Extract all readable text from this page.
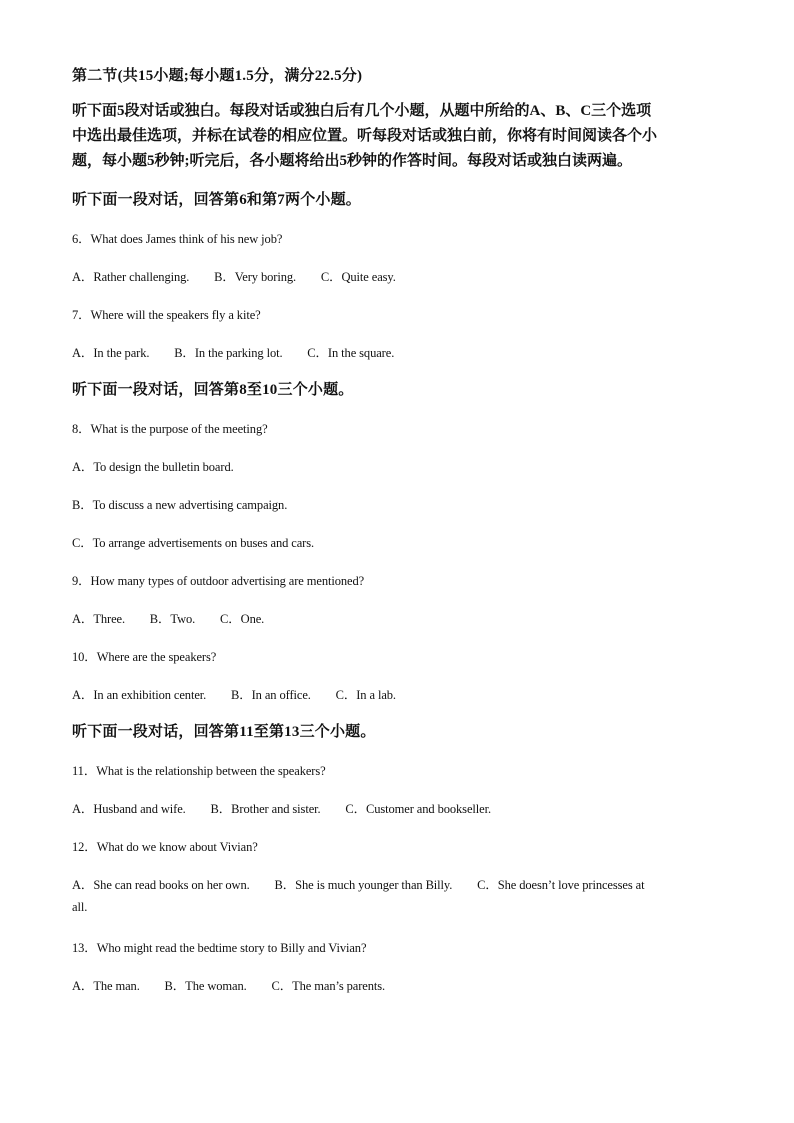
第二节(共15小题;每小题1.5分，满分22.5分)

听下面5段对话或独白。每段对话或独白后有几个小题，从题中所给的A、B、C三个选项
中选出最佳选项，并标在试卷的相应位置。听每段对话或独白前，你将有时间阅读各个小
题，每小题5秒钟;听完后，各小题将给出5秒钟的作答时间。每段对话或独白读两遍。

听下面一段对话，回答第6和第7两个小题。

6．What does James think of his new job?

A．Rather challenging.　　B．Very boring.　　C．Quite easy.

7．Where will the speakers fly a kite?

A．In the park.　　B．In the parking lot.　　C．In the square.

听下面一段对话，回答第8至10三个小题。

8．What is the purpose of the meeting?

A．To design the bulletin board.

B．To discuss a new advertising campaign.

C．To arrange advertisements on buses and cars.

9．How many types of outdoor advertising are mentioned?

A．Three.　　B．Two.　　C．One.

10．Where are the speakers?

A．In an exhibition center.　　B．In an office.　　C．In a lab.

听下面一段对话，回答第11至第13三个小题。

11．What is the relationship between the speakers?

A．Husband and wife.　　B．Brother and sister.　　C．Customer and bookseller.

12．What do we know about Vivian?

A．She can read books on her own.　　B．She is much younger than Billy.　　C．She doesn’t love princesses at

all.

13．Who might read the bedtime story to Billy and Vivian?

A．The man.　　B．The woman.　　C．The man’s parents.
